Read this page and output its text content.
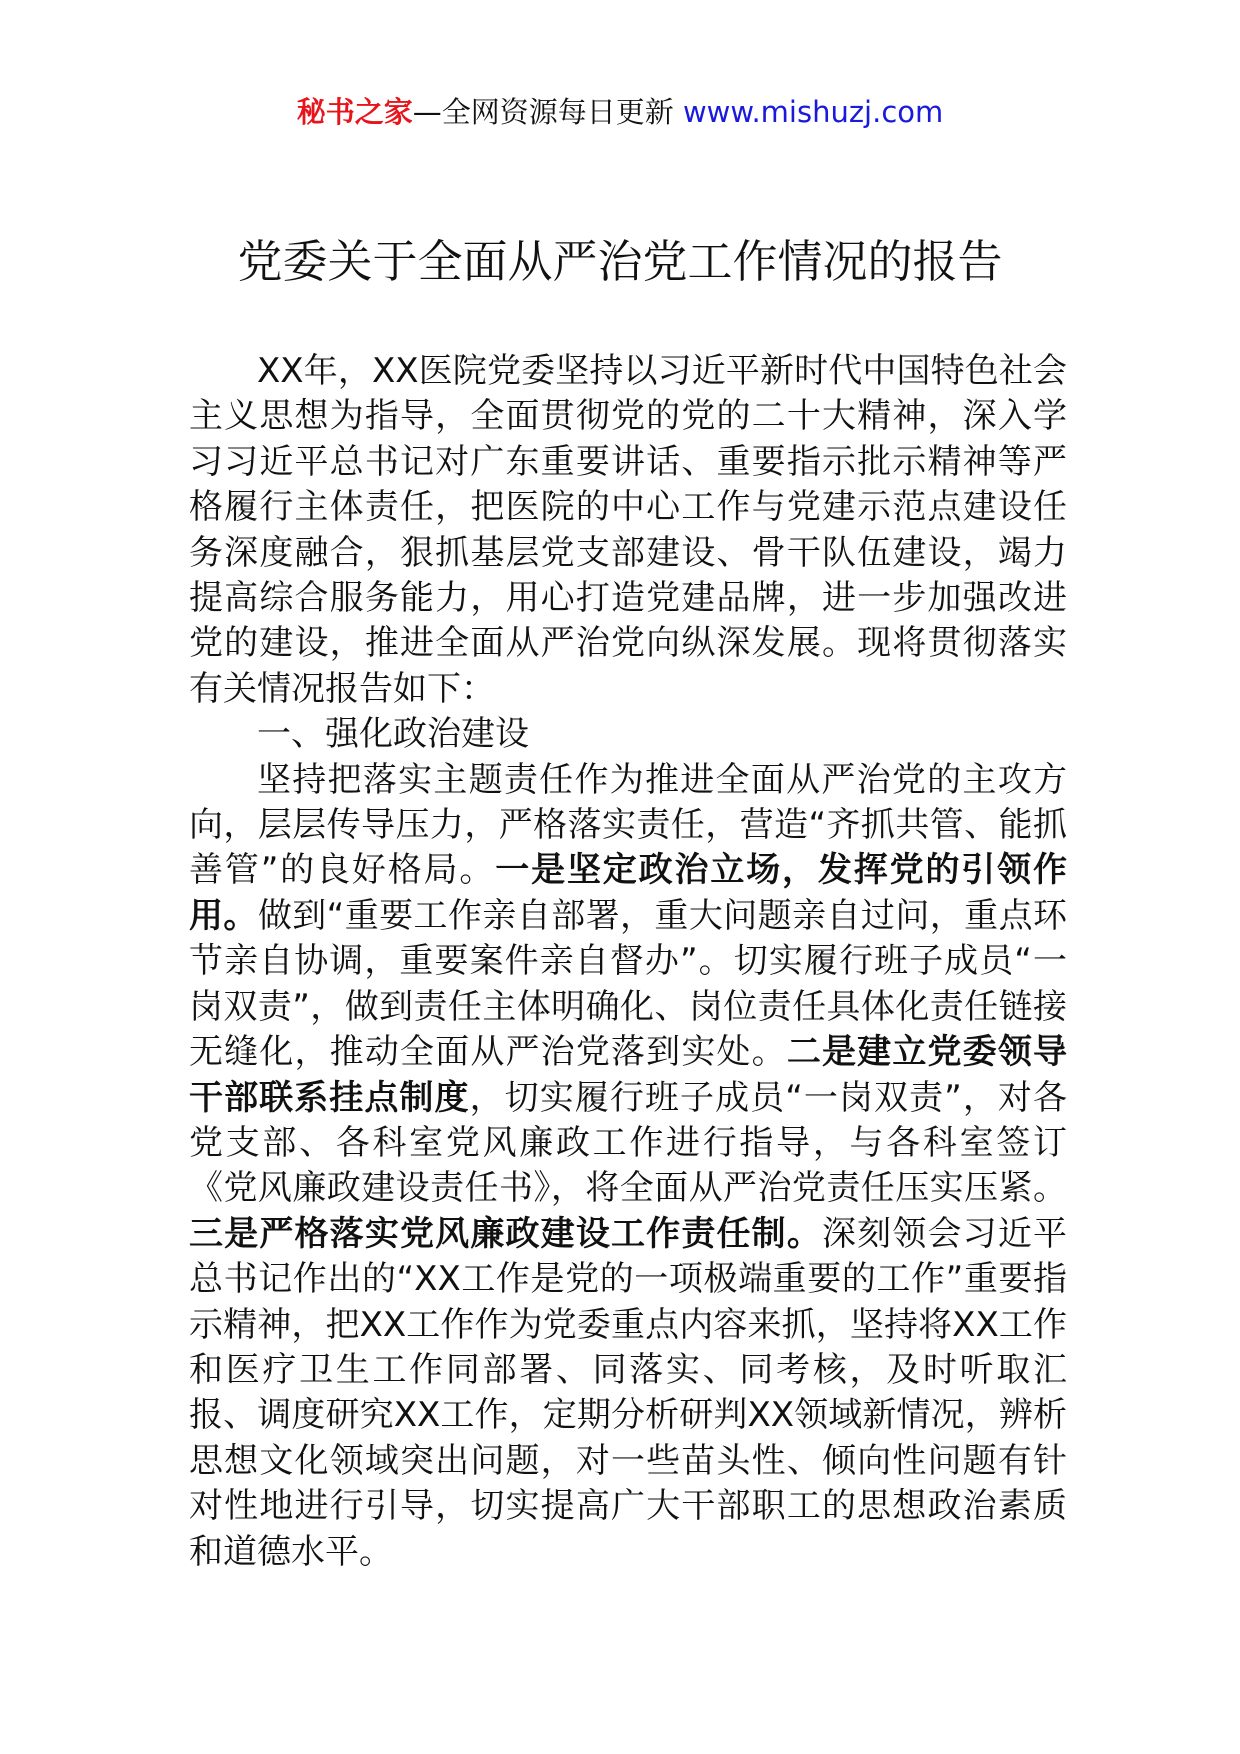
秘书之家—全网资源每日更新 www.mishuzj.com
党委关于全面从严治党工作情况的报告

XX年，XX医院党委坚持以习近平新时代中国特色社会主义思想为指导，全面贯彻党的党的二十大精神，深入学习习近平总书记对广东重要讲话、重要指示批示精神等严格履行主体责任，把医院的中心工作与党建示范点建设任务深度融合，狠抓基层党支部建设、骨干队伍建设，竭力提高综合服务能力，用心打造党建品牌，进一步加强改进党的建设，推进全面从严治党向纵深发展。现将贯彻落实有关情况报告如下：

一、强化政治建设

坚持把落实主题责任作为推进全面从严治党的主攻方向，层层传导压力，严格落实责任，营造“齐抓共管、能抓善管”的良好格局。一是坚定政治立场，发挥党的引领作用。做到“重要工作亲自部署，重大问题亲自过问，重点环节亲自协调，重要案件亲自督办”。切实履行班子成员“一岗双责”，做到责任主体明确化、岗位责任具体化责任链接无缝化，推动全面从严治党落到实处。二是建立党委领导干部联系挂点制度，切实履行班子成员“一岗双责”，对各党支部、各科室党风廉政工作进行指导，与各科室签订《党风廉政建设责任书》，将全面从严治党责任压实压紧。三是严格落实党风廉政建设工作责任制。深刻领会习近平总书记作出的“XX工作是党的一项极端重要的工作”重要指示精神，把XX工作作为党委重点内容来抓，坚持将XX工作和医疗卫生工作同部署、同落实、同考核，及时听取汇报、调度研究XX工作，定期分析研判XX领域新情况，辨析思想文化领域突出问题，对一些苗头性、倾向性问题有针对性地进行引导，切实提高广大干部职工的思想政治素质和道德水平。
